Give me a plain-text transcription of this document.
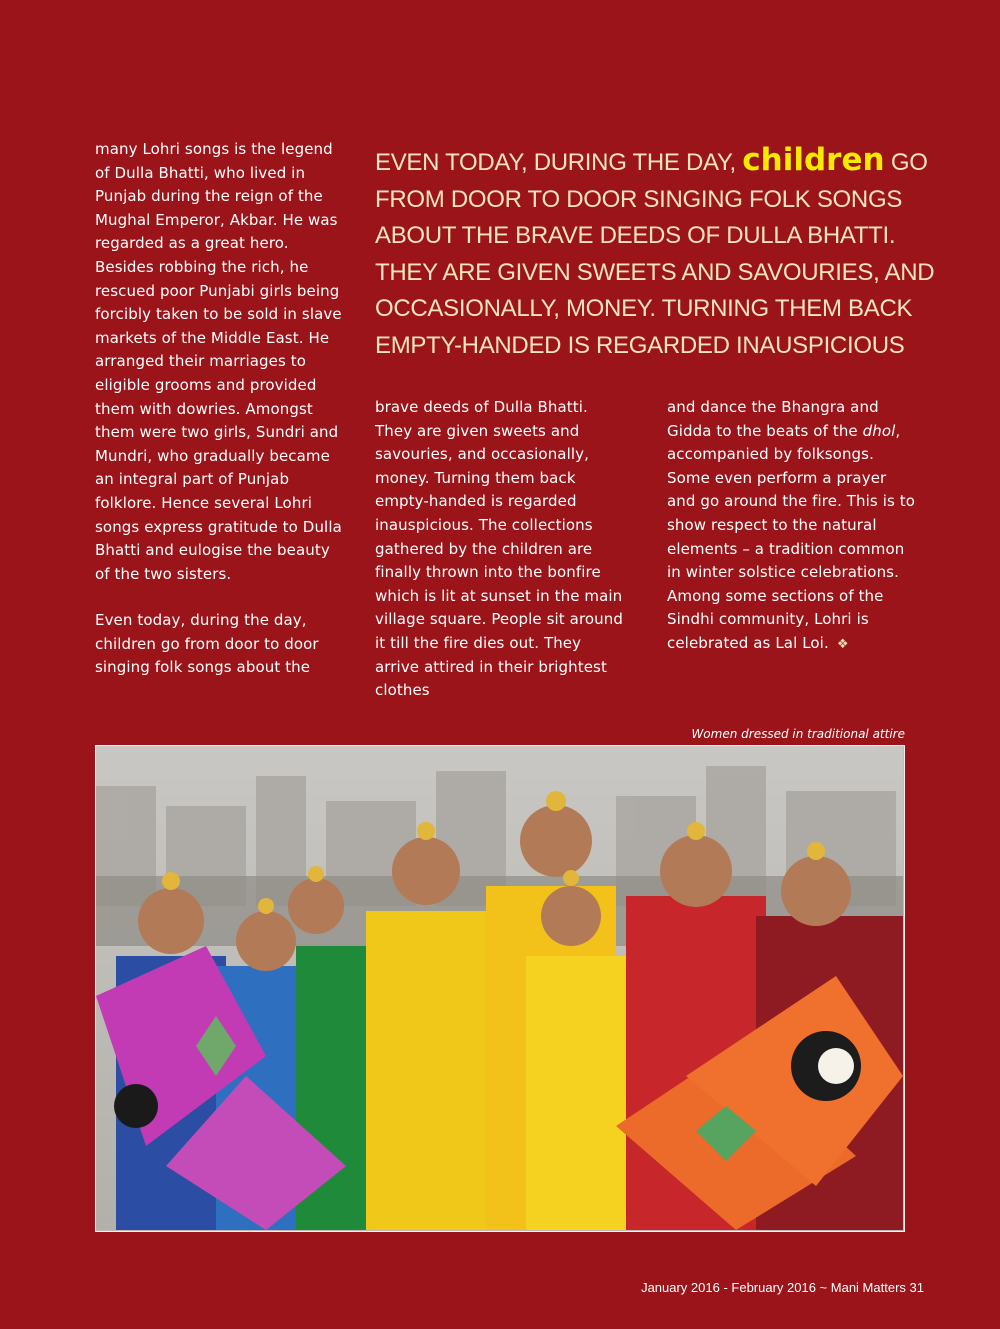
many Lohri songs is the legend of Dulla Bhatti, who lived in Punjab during the reign of the Mughal Emperor, Akbar. He was regarded as a great hero. Besides robbing the rich, he rescued poor Punjabi girls being forcibly taken to be sold in slave markets of the Middle East. He arranged their marriages to eligible grooms and provided them with dowries. Amongst them were two girls, Sundri and Mundri, who gradually became an integral part of Punjab folklore. Hence several Lohri songs express gratitude to Dulla Bhatti and eulogise the beauty of the two sisters.

Even today, during the day, children go from door to door singing folk songs about the

EVEN TODAY, DURING THE DAY, children GO FROM DOOR TO DOOR SINGING FOLK SONGS ABOUT THE BRAVE DEEDS OF DULLA BHATTI. THEY ARE GIVEN SWEETS AND SAVOURIES, AND OCCASIONALLY, MONEY. TURNING THEM BACK EMPTY-HANDED IS REGARDED INAUSPICIOUS

brave deeds of Dulla Bhatti. They are given sweets and savouries, and occasionally, money. Turning them back empty-handed is regarded inauspicious. The collections gathered by the children are finally thrown into the bonfire which is lit at sunset in the main village square. People sit around it till the fire dies out. They arrive attired in their brightest clothes

and dance the Bhangra and Gidda to the beats of the dhol, accompanied by folksongs. Some even perform a prayer and go around the fire. This is to show respect to the natural elements – a tradition common in winter solstice celebrations. Among some sections of the Sindhi community, Lohri is celebrated as Lal Loi. ❖

Women dressed in traditional attire
January 2016 - February 2016 ~ Mani Matters 31
